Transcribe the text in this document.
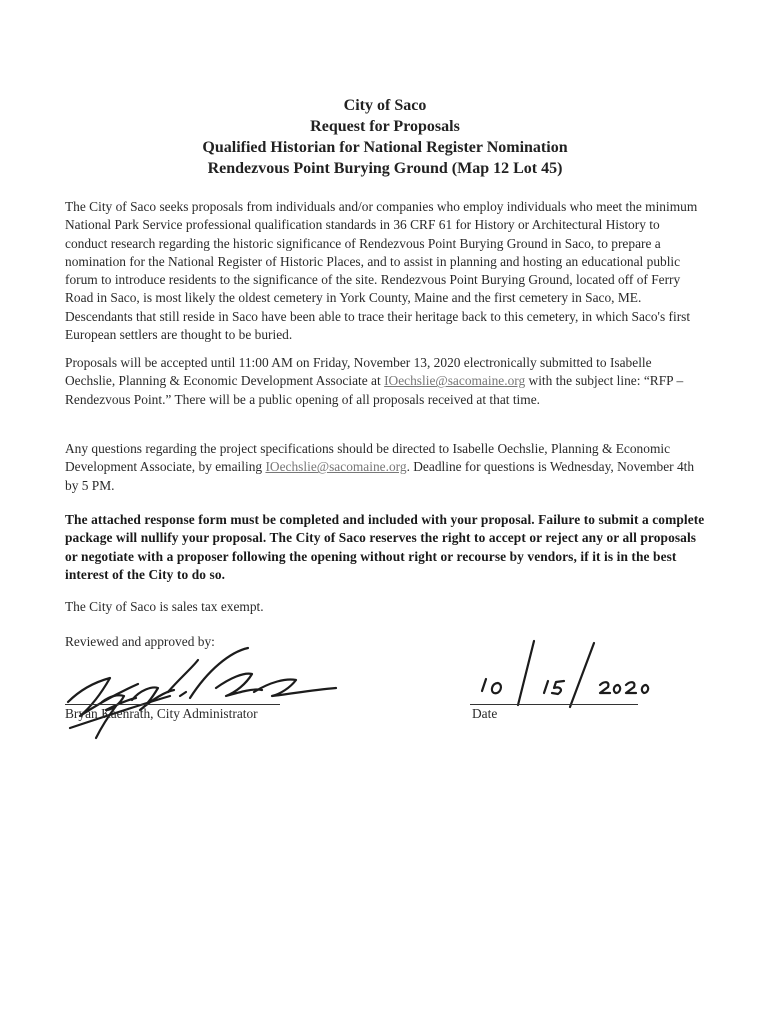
City of Saco
Request for Proposals
Qualified Historian for National Register Nomination
Rendezvous Point Burying Ground (Map 12 Lot 45)

The City of Saco seeks proposals from individuals and/or companies who employ individuals who meet the minimum National Park Service professional qualification standards in 36 CRF 61 for History or Architectural History to conduct research regarding the historic significance of Rendezvous Point Burying Ground in Saco, to prepare a nomination for the National Register of Historic Places, and to assist in planning and hosting an educational public forum to introduce residents to the significance of the site. Rendezvous Point Burying Ground, located off of Ferry Road in Saco, is most likely the oldest cemetery in York County, Maine and the first cemetery in Saco, ME. Descendants that still reside in Saco have been able to trace their heritage back to this cemetery, in which Saco's first European settlers are thought to be buried.

Proposals will be accepted until 11:00 AM on Friday, November 13, 2020 electronically submitted to Isabelle Oechslie, Planning & Economic Development Associate at IOechslie@sacomaine.org with the subject line: “RFP – Rendezvous Point.” There will be a public opening of all proposals received at that time.

Any questions regarding the project specifications should be directed to Isabelle Oechslie, Planning & Economic Development Associate, by emailing IOechslie@sacomaine.org. Deadline for questions is Wednesday, November 4th by 5 PM.

The attached response form must be completed and included with your proposal. Failure to submit a complete package will nullify your proposal. The City of Saco reserves the right to accept or reject any or all proposals or negotiate with a proposer following the opening without right or recourse by vendors, if it is in the best interest of the City to do so.

The City of Saco is sales tax exempt.

Reviewed and approved by:
Bryan Kaenrath, City Administrator	Date
